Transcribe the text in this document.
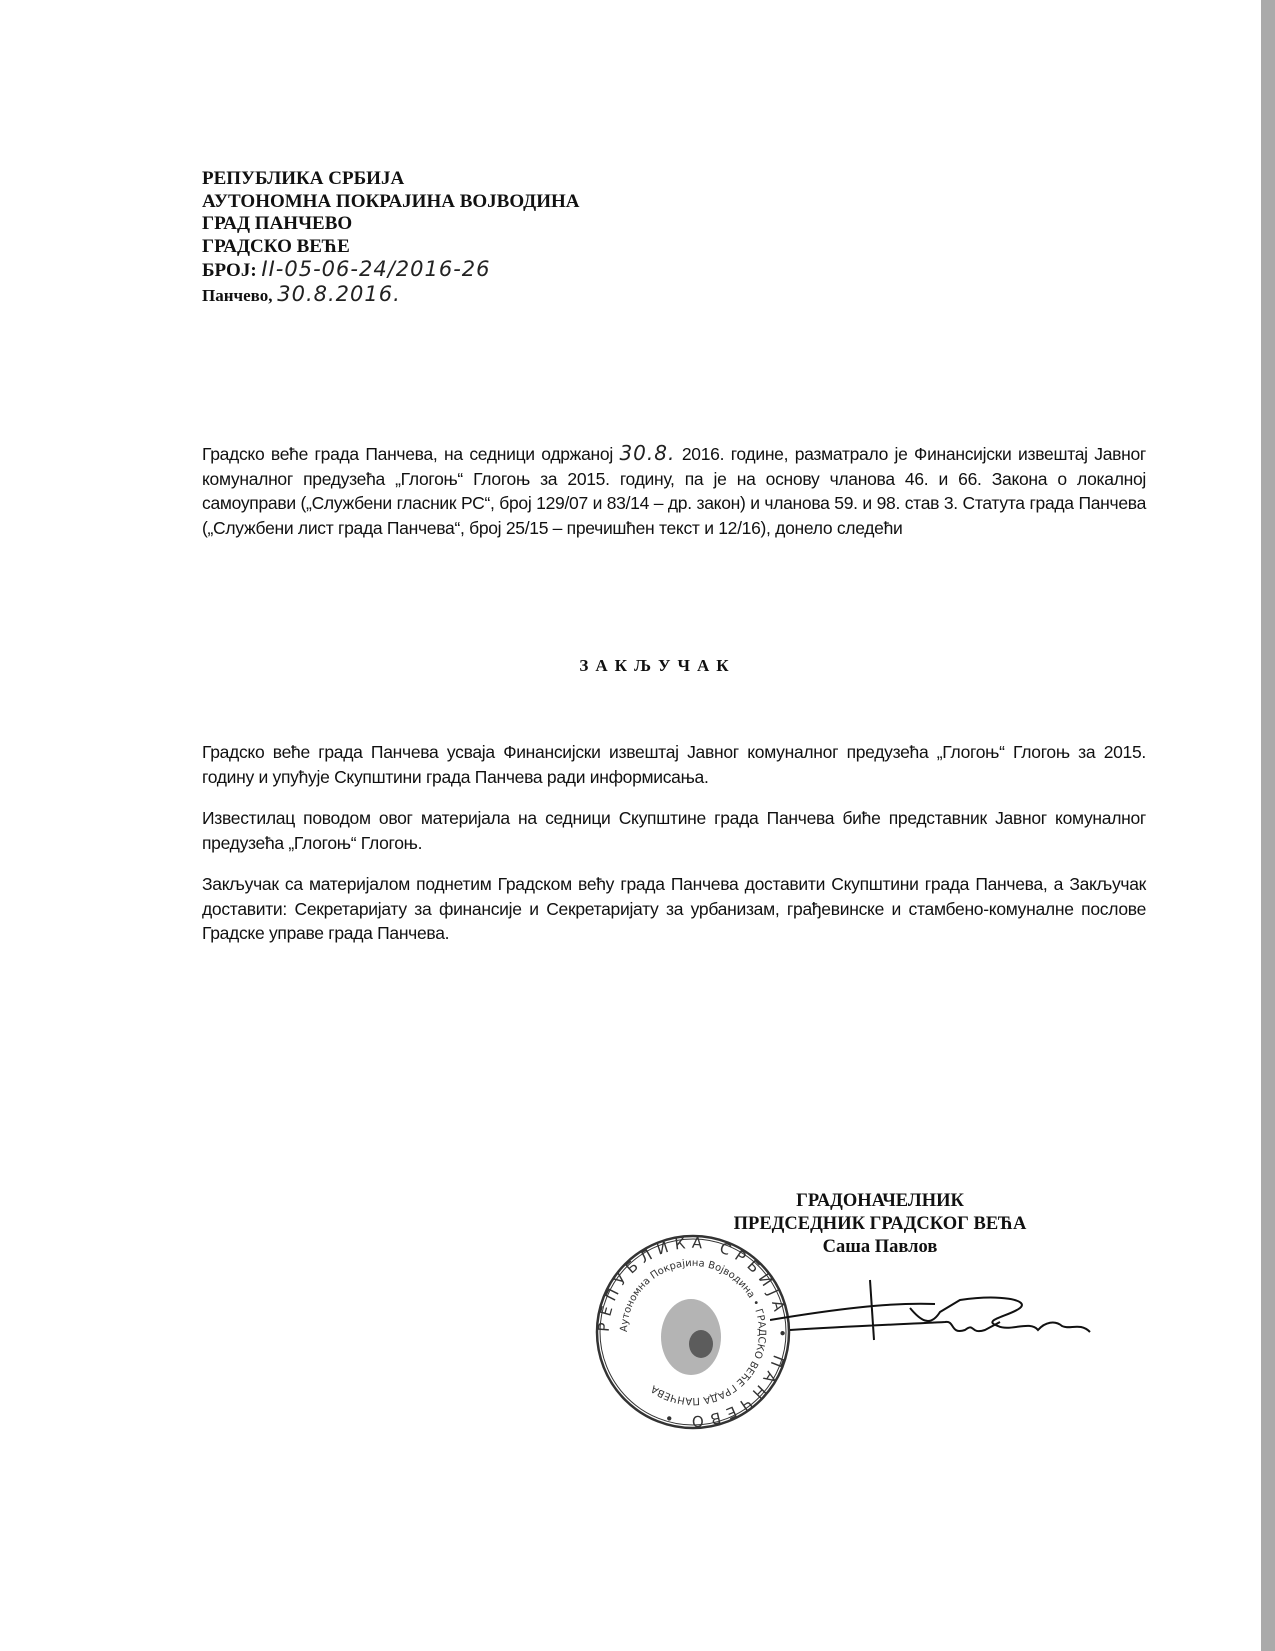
РЕПУБЛИКА СРБИЈА
АУТОНОМНА ПОКРАЈИНА ВОЈВОДИНА
ГРАД ПАНЧЕВО
ГРАДСКО ВЕЋЕ
БРОЈ: II-05-06-24/2016-26
Панчево, 30.8.2016.
Градско веће града Панчева, на седници одржаној 30.8. 2016. године, разматрало је Финансијски извештај Јавног комуналног предузећа „Глогоњ“ Глогоњ за 2015. годину, па је на основу чланова 46. и 66. Закона о локалној самоуправи („Службени гласник РС“, број 129/07 и 83/14 – др. закон) и чланова 59. и 98. став 3. Статута града Панчева („Службени лист града Панчева“, број 25/15 – пречишћен текст и 12/16), донело следећи
ЗАКЉУЧАК
Градско веће града Панчева усваја Финансијски извештај Јавног комуналног предузећа „Глогоњ“ Глогоњ за 2015. годину и упућује Скупштини града Панчева ради информисања.
Известилац поводом овог материјала на седници Скупштине града Панчева биће представник Јавног комуналног предузећа „Глогоњ“ Глогоњ.
Закључак са материјалом поднетим Градском већу града Панчева доставити Скупштини града Панчева, а Закључак доставити: Секретаријату за финансије и Секретаријату за урбанизам, грађевинске и стамбено-комуналне послове Градске управе града Панчева.
ГРАДОНАЧЕЛНИК
ПРЕДСЕДНИК ГРАДСКОГ ВЕЋА
Саша Павлов
РЕПУБЛИКА СРБИЈА • ПАНЧЕВО •
Аутономна Покрајина Војводина • ГРАДСКО ВЕЋЕ ГРАДА ПАНЧЕВА
